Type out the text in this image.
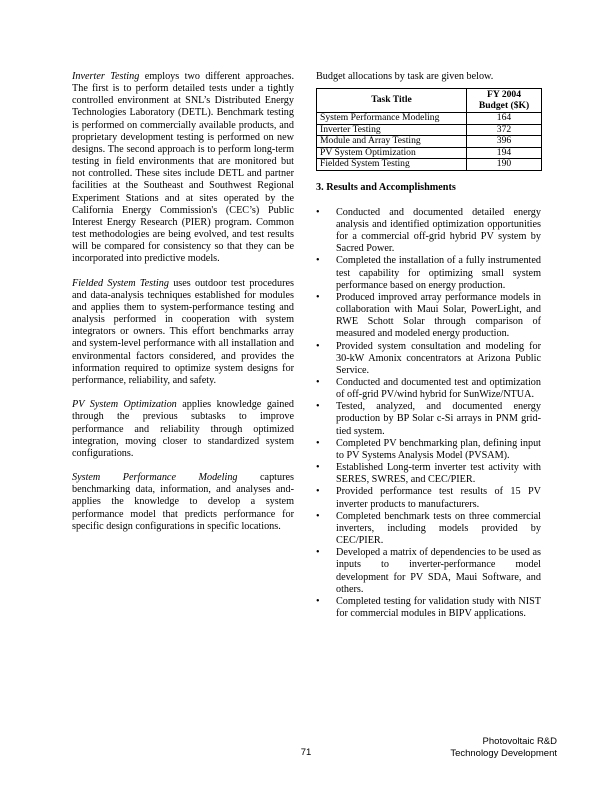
Inverter Testing employs two different approaches. The first is to perform detailed tests under a tightly controlled environment at SNL’s Distributed Energy Technologies Laboratory (DETL). Benchmark testing is performed on commercially available products, and proprietary development testing is performed on new designs. The second approach is to perform long-term testing in field environments that are monitored but not controlled. These sites include DETL and partner facilities at the Southeast and Southwest Regional Experiment Stations and at sites operated by the California Energy Commission's (CEC’s) Public Interest Energy Research (PIER) program. Common test methodologies are being evolved, and test results will be compared for consistency so that they can be incorporated into predictive models.

Fielded System Testing uses outdoor test procedures and data-analysis techniques established for modules and applies them to system-performance testing and analysis performed in cooperation with system integrators or owners. This effort benchmarks array and system-level performance with all installation and environmental factors considered, and provides the information required to optimize system designs for performance, reliability, and safety.

PV System Optimization applies knowledge gained through the previous subtasks to improve performance and reliability through optimized integration, moving closer to standardized system configurations.

System Performance Modeling captures benchmarking data, information, and analyses and-applies the knowledge to develop a system performance model that predicts performance for specific design configurations in specific locations.

Budget allocations by task are given below.

Task Title	FY 2004
Budget ($K)
System Performance Modeling	164
Inverter Testing	372
Module and Array Testing	396
PV System Optimization	194
Fielded System Testing	190
3. Results and Accomplishments
• Conducted and documented detailed energy analysis and identified optimization opportunities for a commercial off-grid hybrid PV system by Sacred Power.
• Completed the installation of a fully instrumented test capability for optimizing small system performance based on energy production.
• Produced improved array performance models in collaboration with Maui Solar, PowerLight, and RWE Schott Solar through comparison of measured and modeled energy production.
• Provided system consultation and modeling for 30-kW Amonix concentrators at Arizona Public Service.
• Conducted and documented test and optimization of off-grid PV/wind hybrid for SunWize/NTUA.
• Tested, analyzed, and documented energy production by BP Solar c-Si arrays in PNM grid-tied system.
• Completed PV benchmarking plan, defining input to PV Systems Analysis Model (PVSAM).
• Established Long-term inverter test activity with SERES, SWRES, and CEC/PIER.
• Provided performance test results of 15 PV inverter products to manufacturers.
• Completed benchmark tests on three commercial inverters, including models provided by CEC/PIER.
• Developed a matrix of dependencies to be used as inputs to inverter-performance model development for PV SDA, Maui Software, and others.
• Completed testing for validation study with NIST for commercial modules in BIPV applications.
71
Photovoltaic R&D
Technology Development
